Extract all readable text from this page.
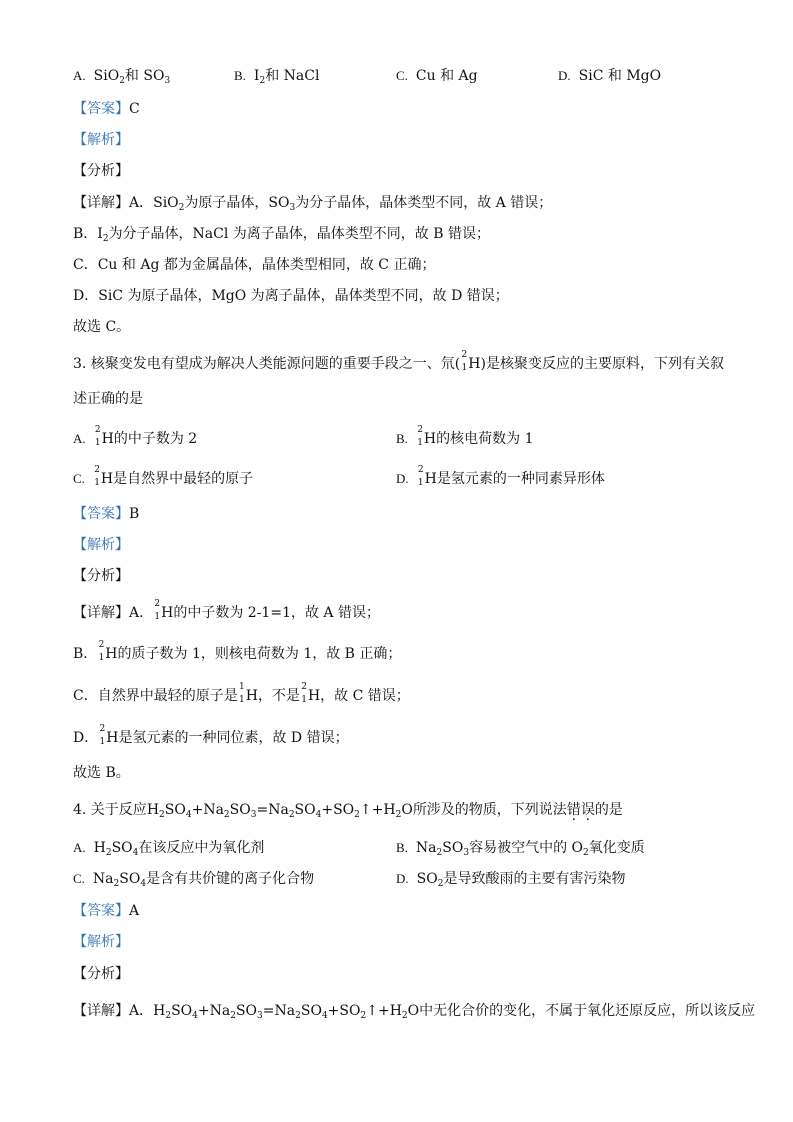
A. SiO$_2$和 $SO_3$	B. $I_2$和 NaCl	C. Cu 和 Ag	D. SiC 和 MgO
【答案】C
【解析】
【分析】
【详解】A．SiO$_2$为原子晶体，$SO_3$为分子晶体，晶体类型不同，故 A 错误；
B．$I_2$为分子晶体，NaCl 为离子晶体，晶体类型不同，故 B 错误；
C．Cu 和 Ag 都为金属晶体，晶体类型相同，故 C 正确；
D．SiC 为原子晶体，MgO 为离子晶体，晶体类型不同，故 D 错误；
故选 C。
3. 核聚变发电有望成为解决人类能源问题的重要手段之一、氘(
2
1 H)是核聚变反应的主要原料，下列有关叙
述正确的是
A.
2
1 H的中子数为 2	B.
2
1 H的核电荷数为 1
C.
2
1 H是自然界中最轻的原子	D.
2
1 H是氢元素的一种同素异形体
【答案】B
【解析】
【分析】
【详解】A．
2
1 H的中子数为 2-1=1，故 A 错误；
B．
2
1 H的质子数为 1，则核电荷数为 1，故 B 正确；
C．自然界中最轻的原子是
1
1 H，不是
2
1 H，故 C 错误；
D．
2
1 H是氢元素的一种同位素，故 D 错误；
故选 B。
4. 关于反应$H_2SO_4+Na_2SO_3=Na_2SO_4+SO_2↑+H_2O$所涉及的物质，下列说法错误的是
A. $H_2SO_4$在该反应中为氧化剂	B. $Na_2SO_3$容易被空气中的 $O_2$氧化变质
C. $Na_2SO_4$是含有共价键的离子化合物	D. $SO_2$是导致酸雨的主要有害污染物
【答案】A
【解析】
【分析】
【详解】A．$H_2SO_4+Na_2SO_3=Na_2SO_4+SO_2↑+H_2O$中无化合价的变化，不属于氧化还原反应，所以该反应
